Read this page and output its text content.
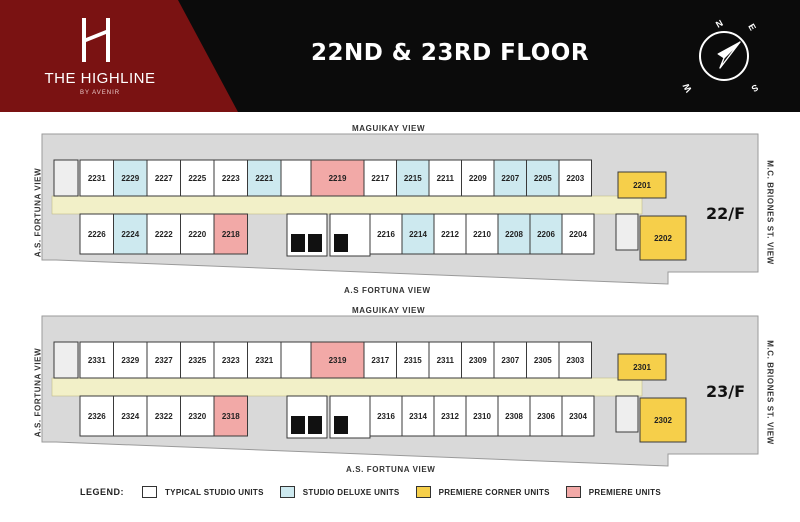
THE HIGHLINE
BY AVENIR
22ND & 23RD FLOOR
N E
S
W
2231 2229 2227 2225 2223 2221	2219	2217 2215 2211 2209 2207 2205 2203
2226 2224 2222 2220 2218	2216 2214 2212 2210 2208 2206 2204
2201
2202
2331 2329 2327 2325 2323 2321	2319	2317 2315 2311 2309 2307 2305 2303
2326 2324 2322 2320 2318	2316 2314 2312 2310 2308 2306 2304
2301
2302
MAGUIKAY VIEW
A.S FORTUNA VIEW
A.S. FORTUNA VIEW	M.C. BRIONES ST. VIEW
22/F
MAGUIKAY VIEW
A.S. FORTUNA VIEW
A.S. FORTUNA VIEW	M.C. BRIONES ST. VIEW
23/F
LEGEND:	TYPICAL STUDIO UNITS	STUDIO DELUXE UNITS	PREMIERE CORNER UNITS	PREMIERE UNITS
